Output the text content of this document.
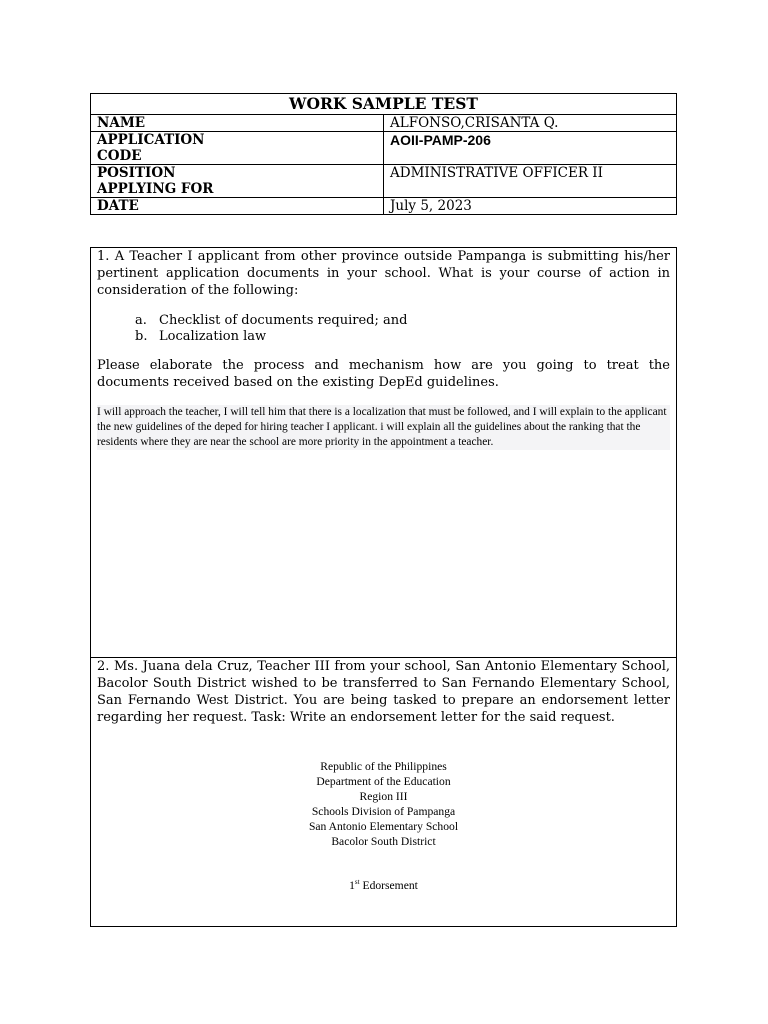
WORK SAMPLE TEST	
NAME	ALFONSO,CRISANTA Q.

APPLICATION
CODE	AOII-PAMP-206

POSITION
APPLYING FOR	ADMINISTRATIVE OFFICER II
DATE	July 5, 2023

1. A Teacher I applicant from other province outside Pampanga is submitting his/her pertinent application documents in your school. What is your course of action in consideration of the following:

a. Checklist of documents required; and
b. Localization law

Please elaborate the process and mechanism how are you going to treat the documents received based on the existing DepEd guidelines.

I will approach the teacher, I will tell him that there is a localization that must be followed, and I will explain to the applicant the new guidelines of the deped for hiring teacher I applicant. i will explain all the guidelines about the ranking that the residents where they are near the school are more priority in the appointment a teacher.

2. Ms. Juana dela Cruz, Teacher III from your school, San Antonio Elementary School, Bacolor South District wished to be transferred to San Fernando Elementary School, San Fernando West District. You are being tasked to prepare an endorsement letter regarding her request. Task: Write an endorsement letter for the said request.

Republic of the Philippines
Department of the Education
Region III
Schools Division of Pampanga
San Antonio Elementary School
Bacolor South District
1st Edorsement
